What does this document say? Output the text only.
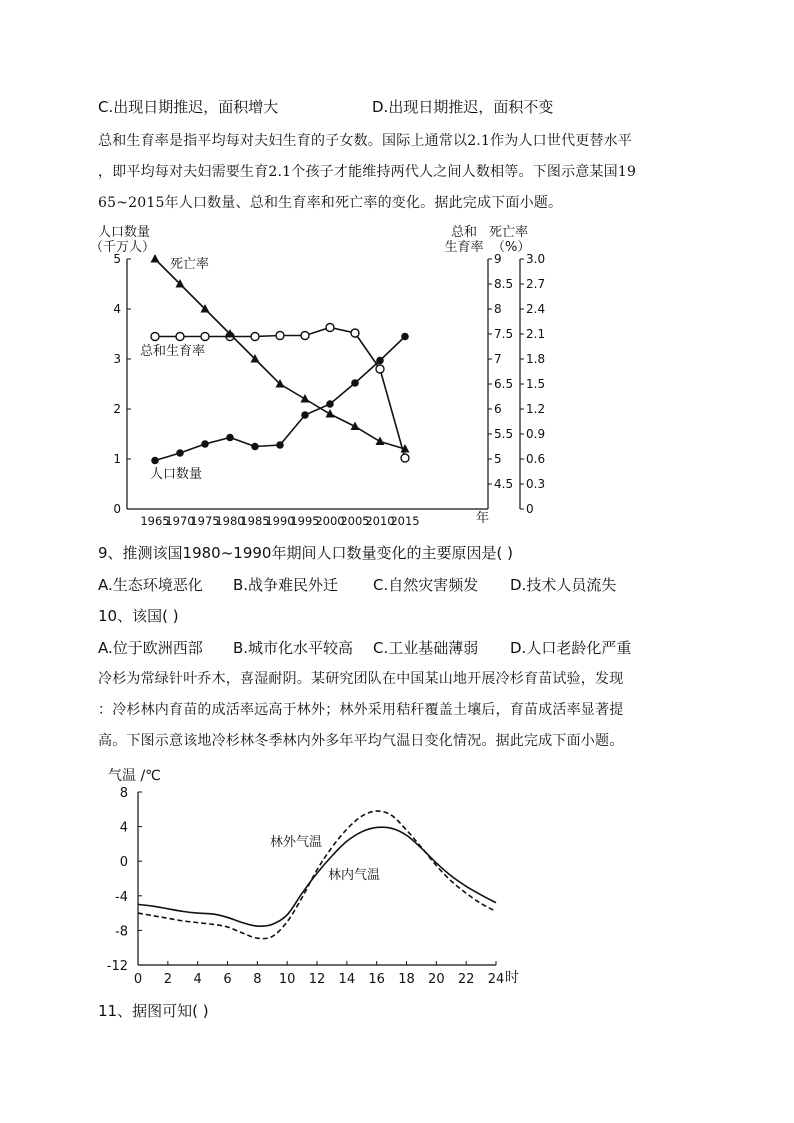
C.出现日期推迟，面积增大	D.出现日期推迟，面积不变
总和生育率是指平均每对夫妇生育的子女数。国际上通常以2.1作为人口世代更替水平
，即平均每对夫妇需要生育2.1个孩子才能维持两代人之间人数相等。下图示意某国19
65~2015年人口数量、总和生育率和死亡率的变化。据此完成下面小题。
人口数量
（千万人）
总和
生育率
死亡率
（%）
0
1
2
3
4
5
4.5
5
5.5
6
6.5
7
7.5
8
8.5
9
0
0.3
0.6
0.9
1.2
1.5
1.8
2.1
2.4
2.7
3.0
1965
1970
1975
1980
1985
1990
1995
2000
2005
2010
2015
死亡率
总和生育率
人口数量
年
9、推测该国1980~1990年期间人口数量变化的主要原因是( )
A.生态环境恶化 B.战争难民外迁 C.自然灾害频发 D.技术人员流失
10、该国( )
A.位于欧洲西部 B.城市化水平较高 C.工业基础薄弱 D.人口老龄化严重
冷杉为常绿针叶乔木，喜湿耐阴。某研究团队在中国某山地开展冷杉育苗试验，发现
：冷杉林内育苗的成活率远高于林外；林外采用秸秆覆盖土壤后，育苗成活率显著提
高。下图示意该地冷杉林冬季林内外多年平均气温日变化情况。据此完成下面小题。
气温 /℃
8
4
0
-4
-8
-12
0 2 4 6 8 10 12 14 16 18 20 22 24
林外气温
林内气温
时
11、据图可知( )
